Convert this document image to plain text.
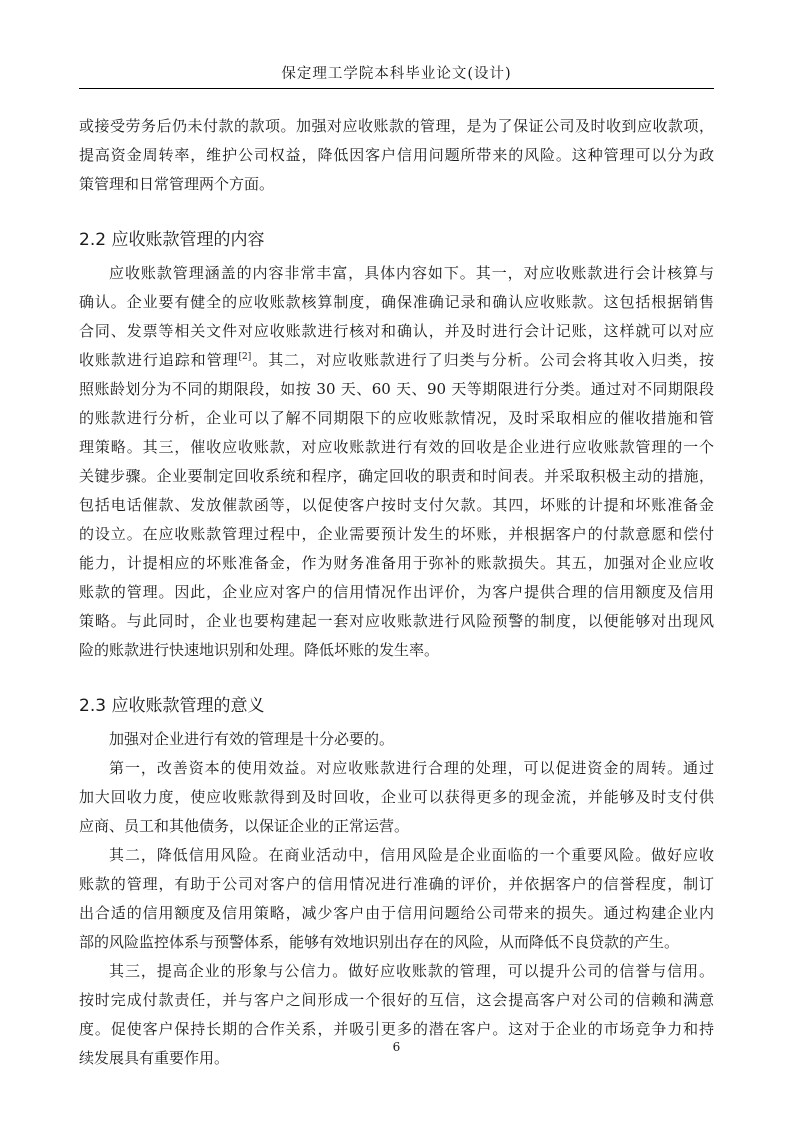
保定理工学院本科毕业论文(设计)
或接受劳务后仍未付款的款项。加强对应收账款的管理，是为了保证公司及时收到应收款项，
提高资金周转率，维护公司权益，降低因客户信用问题所带来的风险。这种管理可以分为政
策管理和日常管理两个方面。
2.2 应收账款管理的内容
应收账款管理涵盖的内容非常丰富，具体内容如下。其一，对应收账款进行会计核算与
确认。企业要有健全的应收账款核算制度，确保准确记录和确认应收账款。这包括根据销售
合同、发票等相关文件对应收账款进行核对和确认，并及时进行会计记账，这样就可以对应
收账款进行追踪和管理[2]。其二，对应收账款进行了归类与分析。公司会将其收入归类，按
照账龄划分为不同的期限段，如按 30 天、60 天、90 天等期限进行分类。通过对不同期限段
的账款进行分析，企业可以了解不同期限下的应收账款情况，及时采取相应的催收措施和管
理策略。其三，催收应收账款，对应收账款进行有效的回收是企业进行应收账款管理的一个
关键步骤。企业要制定回收系统和程序，确定回收的职责和时间表。并采取积极主动的措施，
包括电话催款、发放催款函等，以促使客户按时支付欠款。其四，坏账的计提和坏账准备金
的设立。在应收账款管理过程中，企业需要预计发生的坏账，并根据客户的付款意愿和偿付
能力，计提相应的坏账准备金，作为财务准备用于弥补的账款损失。其五，加强对企业应收
账款的管理。因此，企业应对客户的信用情况作出评价，为客户提供合理的信用额度及信用
策略。与此同时，企业也要构建起一套对应收账款进行风险预警的制度，以便能够对出现风
险的账款进行快速地识别和处理。降低坏账的发生率。
2.3 应收账款管理的意义
加强对企业进行有效的管理是十分必要的。
第一，改善资本的使用效益。对应收账款进行合理的处理，可以促进资金的周转。通过
加大回收力度，使应收账款得到及时回收，企业可以获得更多的现金流，并能够及时支付供
应商、员工和其他债务，以保证企业的正常运营。
其二，降低信用风险。在商业活动中，信用风险是企业面临的一个重要风险。做好应收
账款的管理，有助于公司对客户的信用情况进行准确的评价，并依据客户的信誉程度，制订
出合适的信用额度及信用策略，减少客户由于信用问题给公司带来的损失。通过构建企业内
部的风险监控体系与预警体系，能够有效地识别出存在的风险，从而降低不良贷款的产生。
其三，提高企业的形象与公信力。做好应收账款的管理，可以提升公司的信誉与信用。
按时完成付款责任，并与客户之间形成一个很好的互信，这会提高客户对公司的信赖和满意
度。促使客户保持长期的合作关系，并吸引更多的潜在客户。这对于企业的市场竞争力和持
续发展具有重要作用。
6
